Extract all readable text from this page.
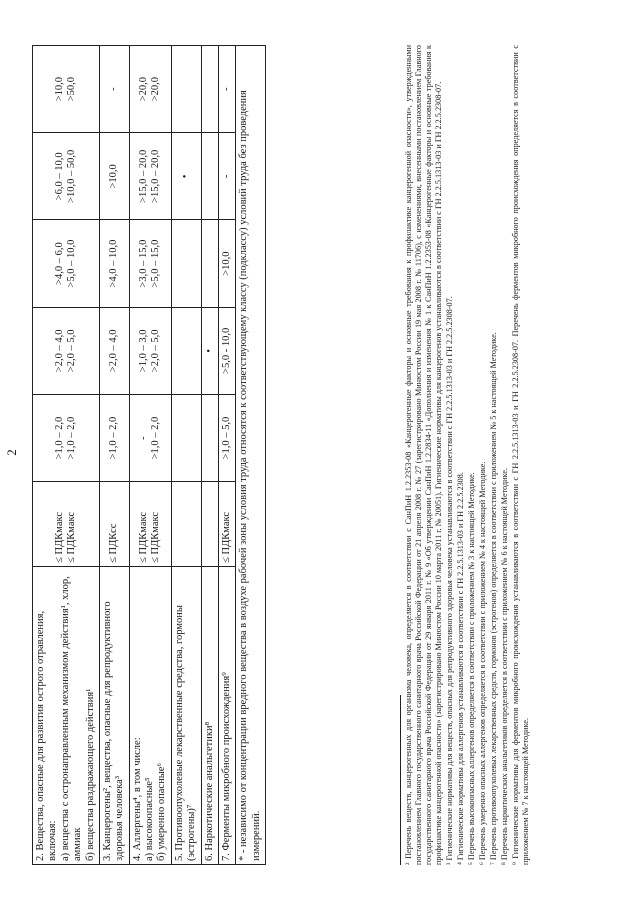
2
2. Вещества, опасные для развития острого отравления, включая: а) вещества с остронаправленным механизмом действия¹, хлор, аммиак б) вещества раздражающего действия¹	≤ ПДКмакс ≤ ПДКмакс	>1,0 – 2,0 >1,0 – 2,0	>2,0 – 4,0 >2,0 – 5,0	>4,0 – 6,0 >5,0 – 10,0	>6,0 – 10,0 >10,0 – 50,0	>10,0 >50,0

3. Канцерогены², вещества, опасные для репродуктивного здоровья человека³	≤ ПДКсс	>1,0 – 2,0	>2,0 – 4,0	>4,0 – 10,0	>10,0	-

4. Аллергены⁴, в том числе: а) высокоопасные⁵ б) умеренно опасные⁶	≤ ПДКмакс ≤ ПДКмакс	- >1,0 – 2,0	>1,0 – 3,0 >2,0 – 5,0	>3,0 – 15,0 >5,0 – 15,0	>15,0 – 20,0 >15,0 – 20,0	>20,0 >20,0

5. Противоопухолевые лекарственные средства, гормоны (эстрогены)⁷					•	

6. Наркотические анальгетики⁸			•			

7. Ферменты микробного происхождения⁹	≤ ПДКмакс	>1,0 – 5,0	>5,0 - 10,0	>10,0	-	-

* - независимо от концентрации вредного вещества в воздухе рабочей зоны условия труда относятся к соответствующему классу (подклассу) условий труда без проведения измерений.							² Перечень веществ, канцерогенных для организма человека, определяется в соответствии с СанПиН 1.2.2353-08 «Канцерогенные факторы и основные требования к профилактике канцерогенной опасности», утвержденными постановлением Главного государственного санитарного врача Российской Федерации от 21 апреля 2008 г. № 27 (зарегистрировано Минюстом России 19 мая 2008 г. № 11706), с изменениями, внесенными постановлением Главного государственного санитарного врача Российской Федерации от 29 января 2011 г. № 9 «Об утверждении СанПиН 1.2.2834-11 «Дополнения и изменения № 1 к СанПиН 1.2.2353-08 «Канцерогенные факторы и основные требования к профилактике канцерогенной опасности» (зарегистрировано Минюстом России 10 марта 2011 г. № 20051). Гигиенические нормативы для канцерогенов устанавливаются в соответствии с ГН 2.2.5.1313-03 и ГН 2.2.5.2308-07. ³ Гигиенические нормативы для веществ, опасных для репродуктивного здоровья человека устанавливаются в соответствии с ГН 2.2.5.1313-03 и ГН 2.2.5.2308-07. ⁴ Гигиенические нормативы для аллергенов устанавливаются в соответствии с ГН 2.2.5.1313-03 и ГН 2.2.5.2308. ⁵ Перечень высокоопасных аллергенов определяется в соответствии с приложением № 3 к настоящей Методике. ⁶ Перечень умеренно опасных аллергенов определяется в соответствии с приложением № 4 к настоящей Методике. ⁷ Перечень противоопухолевых лекарственных средств, гормонов (эстрогенов) определяется в соответствии с приложением № 5 к настоящей Методике. ⁸ Перечень наркотических анальгетиков определяется в соответствии с приложением № 6 к настоящей Методике. ⁹ Гигиенические нормативы для ферментов микробного происхождения устанавливаются в соответствии с ГН 2.2.5.1313-03 и ГН 2.2.5.2308-07. Перечень ферментов микробного происхождения определяется в соответствии с приложением № 7 к настоящей Методике.
